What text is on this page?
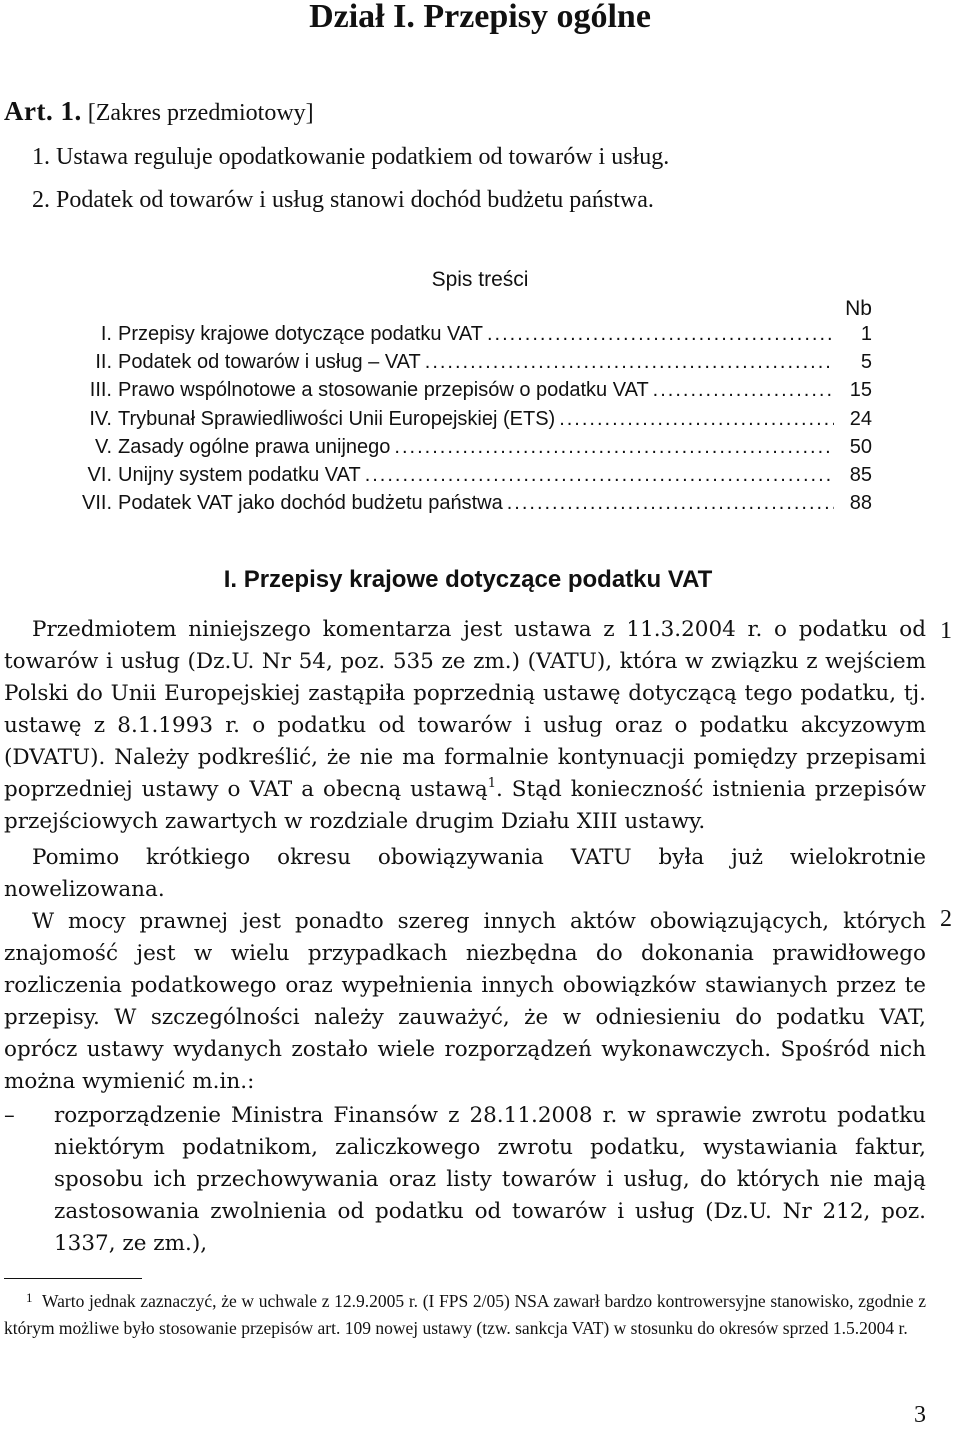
Dział I. Przepisy ogólne
Art. 1. [Zakres przedmiotowy]
1. Ustawa reguluje opodatkowanie podatkiem od towarów i usług.
2. Podatek od towarów i usług stanowi dochód budżetu państwa.
Spis treści
Nb
I. Przepisy krajowe dotyczące podatku VAT .....	1
II. Podatek od towarów i usług – VAT .....	5
III. Prawo wspólnotowe a stosowanie przepisów o podatku VAT .....	15
IV. Trybunał Sprawiedliwości Unii Europejskiej (ETS) .....	24
V. Zasady ogólne prawa unijnego .....	50
VI. Unijny system podatku VAT .....	85
VII. Podatek VAT jako dochód budżetu państwa .....	88
I. Przepisy krajowe dotyczące podatku VAT

Przedmiotem niniejszego komentarza jest ustawa z 11.3.2004 r. o podatku od towarów i usług (Dz.U. Nr 54, poz. 535 ze zm.) (VATU), która w związku z wejściem Polski do Unii Europejskiej zastąpiła poprzednią ustawę dotyczącą tego podatku, tj. ustawę z 8.1.1993 r. o podatku od towarów i usług oraz o podatku akcyzowym (DVATU). Należy podkreślić, że nie ma formalnie kontynuacji pomiędzy przepisami poprzedniej ustawy o VAT a obecną ustawą$^1$. Stąd konieczność istnienia przepisów przejściowych zawartych w rozdziale drugim Działu XIII ustawy.

Pomimo krótkiego okresu obowiązywania VATU była już wielokrotnie nowelizowana.

W mocy prawnej jest ponadto szereg innych aktów obowiązujących, których znajomość jest w wielu przypadkach niezbędna do dokonania prawidłowego rozliczenia podatkowego oraz wypełnienia innych obowiązków stawianych przez te przepisy. W szczególności należy zauważyć, że w odniesieniu do podatku VAT, oprócz ustawy wydanych zostało wiele rozporządzeń wykonawczych. Spośród nich można wymienić m.in.:

–	rozporządzenie Ministra Finansów z 28.11.2008 r. w sprawie zwrotu podatku niektórym podatnikom, zaliczkowego zwrotu podatku, wystawiania faktur, sposobu ich przechowywania oraz listy towarów i usług, do których nie mają zastosowania zwolnienia od podatku od towarów i usług (Dz.U. Nr 212, poz. 1337, ze zm.),

1
2

1 Warto jednak zaznaczyć, że w uchwale z 12.9.2005 r. (I FPS 2/05) NSA zawarł bardzo kontrowersyjne stanowisko, zgodnie z którym możliwe było stosowanie przepisów art. 109 nowej ustawy (tzw. sankcja VAT) w stosunku do okresów sprzed 1.5.2004 r.

3
